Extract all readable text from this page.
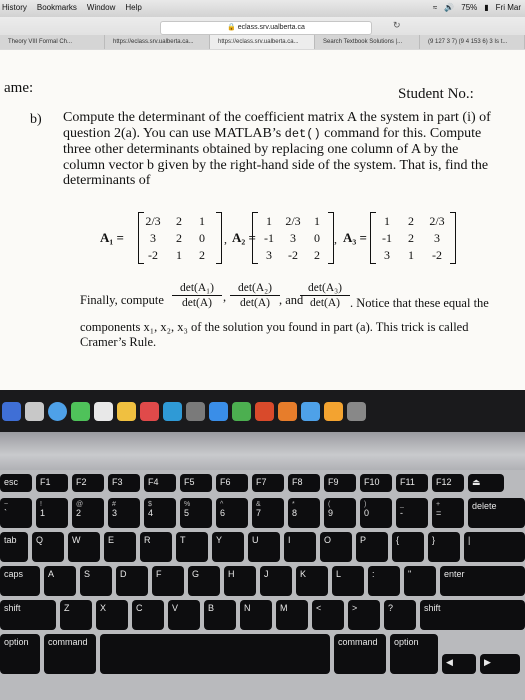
History Bookmarks Window Help	≈ 🔊 75% ▮ Fri Mar
🔒 eclass.srv.ualberta.ca	↻
Theory VIII Formal Ch...	https://eclass.srv.ualberta.ca...	https://eclass.srv.ualberta.ca...	Search Textbook Solutions |...	(9 127 3 7) (9 4 153 6) 3 Is t...
ame:	Student No.:
b) Compute the determinant of the coefficient matrix A the system in part (i) of question 2(a). You can use MATLAB’s det() command for this. Compute three other determinants obtained by replacing one column of A by the column vector b given by the right-hand side of the system. That is, find the determinants of
A₁ =
2/3	2	1
3	2	0
-2	1	2
, A₂ =
1	2/3	1
-1	3	0
3	-2	2
, A₃ =
1	2	2/3
-1	2	3
3	1	-2
Finally, compute
det(A₁)
det(A) ,
det(A₂)
det(A) , and
det(A₃)
det(A) . Notice that these equal the
components x₁, x₂, x₃ of the solution you found in part (a). This trick is called
Cramer’s Rule.
esc	F1	F2	F3	F4	F5	F6	F7	F8	F9	F10	F11	F12	⏏
~
`
!
1
@
2
#
3
$
4
%
5
^
6
&
7
*
8
(
9
)
0
_
-
+
=
delete
tab	Q	W	E	R	T	Y	U	I	O	P	{	}	|
caps	A	S	D	F	G	H	J	K	L	:	"	enter
shift	Z	X	C	V	B	N	M	<	>	?	shift
option	command	command	option
◀	▶
